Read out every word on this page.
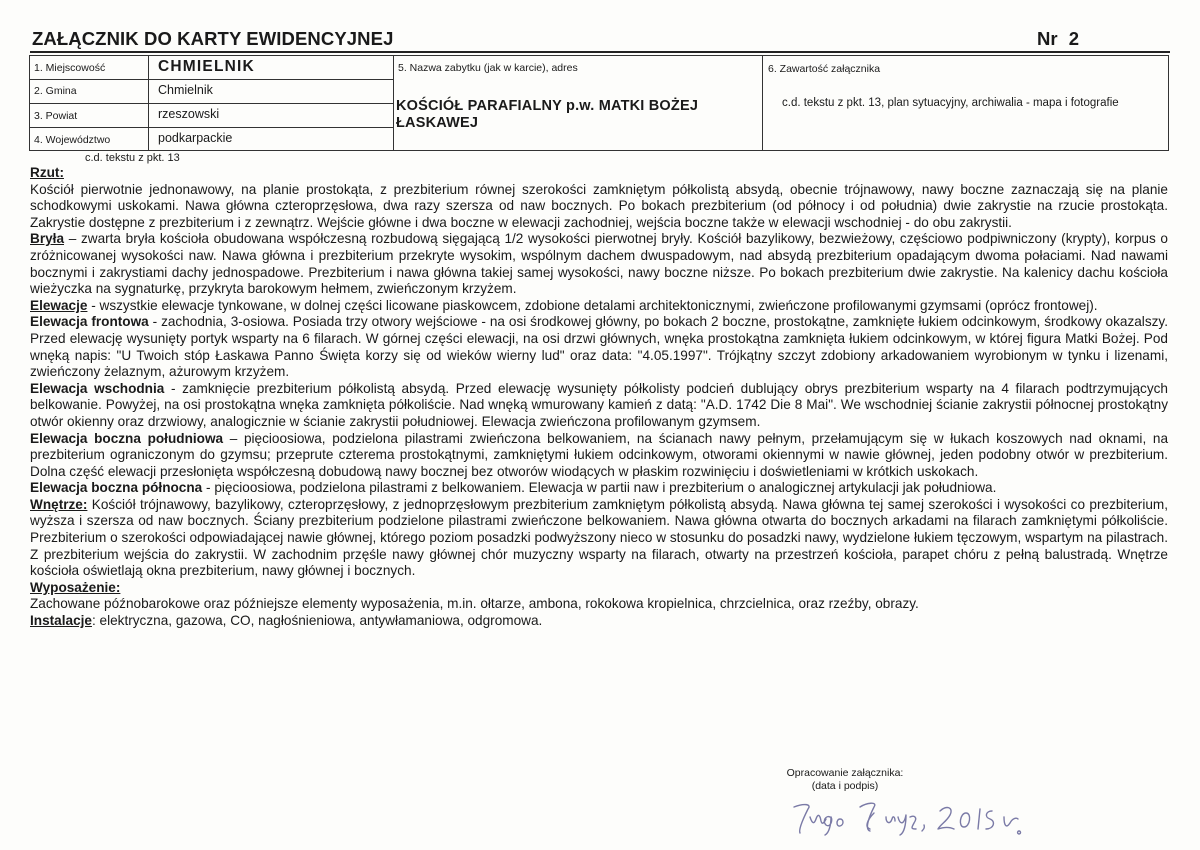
ZAŁĄCZNIK DO KARTY EWIDENCYJNEJ	Nr 2
1. Miejscowość	CHMIELNIK
2. Gmina	Chmielnik
3. Powiat	rzeszowski
4. Województwo	podkarpackie
5. Nazwa zabytku (jak w karcie), adres
KOŚCIÓŁ PARAFIALNY p.w. MATKI BOŻEJ ŁASKAWEJ
6. Zawartość załącznika
c.d. tekstu z pkt. 13, plan sytuacyjny, archiwalia - mapa i fotografie
c.d. tekstu z pkt. 13

Rzut:
Kościół pierwotnie jednonawowy, na planie prostokąta, z prezbiterium równej szerokości zamkniętym półkolistą absydą, obecnie trójnawowy, nawy boczne zaznaczają się na planie schodkowymi uskokami. Nawa główna czteroprzęsłowa, dwa razy szersza od naw bocznych. Po bokach prezbiterium (od północy i od południa) dwie zakrystie na rzucie prostokąta. Zakrystie dostępne z prezbiterium i z zewnątrz. Wejście główne i dwa boczne w elewacji zachodniej, wejścia boczne także w elewacji wschodniej - do obu zakrystii.

Bryła – zwarta bryła kościoła obudowana współczesną rozbudową sięgającą 1/2 wysokości pierwotnej bryły. Kościół bazylikowy, bezwieżowy, częściowo podpiwniczony (krypty), korpus o zróżnicowanej wysokości naw. Nawa główna i prezbiterium przekryte wysokim, wspólnym dachem dwuspadowym, nad absydą prezbiterium opadającym dwoma połaciami. Nad nawami bocznymi i zakrystiami dachy jednospadowe. Prezbiterium i nawa główna takiej samej wysokości, nawy boczne niższe. Po bokach prezbiterium dwie zakrystie. Na kalenicy dachu kościoła wieżyczka na sygnaturkę, przykryta barokowym hełmem, zwieńczonym krzyżem.

Elewacje - wszystkie elewacje tynkowane, w dolnej części licowane piaskowcem, zdobione detalami architektonicznymi, zwieńczone profilowanymi gzymsami (oprócz frontowej).

Elewacja frontowa - zachodnia, 3-osiowa. Posiada trzy otwory wejściowe - na osi środkowej główny, po bokach 2 boczne, prostokątne, zamknięte łukiem odcinkowym, środkowy okazalszy. Przed elewację wysunięty portyk wsparty na 6 filarach. W górnej części elewacji, na osi drzwi głównych, wnęka prostokątna zamknięta łukiem odcinkowym, w której figura Matki Bożej. Pod wnęką napis: "U Twoich stóp Łaskawa Panno Święta korzy się od wieków wierny lud" oraz data: "4.05.1997". Trójkątny szczyt zdobiony arkadowaniem wyrobionym w tynku i lizenami, zwieńczony żelaznym, ażurowym krzyżem.

Elewacja wschodnia - zamknięcie prezbiterium półkolistą absydą. Przed elewację wysunięty półkolisty podcień dublujący obrys prezbiterium wsparty na 4 filarach podtrzymujących belkowanie. Powyżej, na osi prostokątna wnęka zamknięta półkoliście. Nad wnęką wmurowany kamień z datą: "A.D. 1742 Die 8 Mai". We wschodniej ścianie zakrystii północnej prostokątny otwór okienny oraz drzwiowy, analogicznie w ścianie zakrystii południowej. Elewacja zwieńczona profilowanym gzymsem.

Elewacja boczna południowa – pięcioosiowa, podzielona pilastrami zwieńczona belkowaniem, na ścianach nawy pełnym, przełamującym się w łukach koszowych nad oknami, na prezbiterium ograniczonym do gzymsu; przeprute czterema prostokątnymi, zamkniętymi łukiem odcinkowym, otworami okiennymi w nawie głównej, jeden podobny otwór w prezbiterium. Dolna część elewacji przesłonięta współczesną dobudową nawy bocznej bez otworów wiodących w płaskim rozwinięciu i doświetleniami w krótkich uskokach.

Elewacja boczna północna - pięcioosiowa, podzielona pilastrami z belkowaniem. Elewacja w partii naw i prezbiterium o analogicznej artykulacji jak południowa.

Wnętrze: Kościół trójnawowy, bazylikowy, czteroprzęsłowy, z jednoprzęsłowym prezbiterium zamkniętym półkolistą absydą. Nawa główna tej samej szerokości i wysokości co prezbiterium, wyższa i szersza od naw bocznych. Ściany prezbiterium podzielone pilastrami zwieńczone belkowaniem. Nawa główna otwarta do bocznych arkadami na filarach zamkniętymi półkoliście. Prezbiterium o szerokości odpowiadającej nawie głównej, którego poziom posadzki podwyższony nieco w stosunku do posadzki nawy, wydzielone łukiem tęczowym, wspartym na pilastrach. Z prezbiterium wejścia do zakrystii. W zachodnim przęśle nawy głównej chór muzyczny wsparty na filarach, otwarty na przestrzeń kościoła, parapet chóru z pełną balustradą. Wnętrze kościoła oświetlają okna prezbiterium, nawy głównej i bocznych.

Wyposażenie:
Zachowane późnobarokowe oraz późniejsze elementy wyposażenia, m.in. ołtarze, ambona, rokokowa kropielnica, chrzcielnica, oraz rzeźby, obrazy.

Instalacje: elektryczna, gazowa, CO, nagłośnieniowa, antywłamaniowa, odgromowa.

Opracowanie załącznika:
(data i podpis)
